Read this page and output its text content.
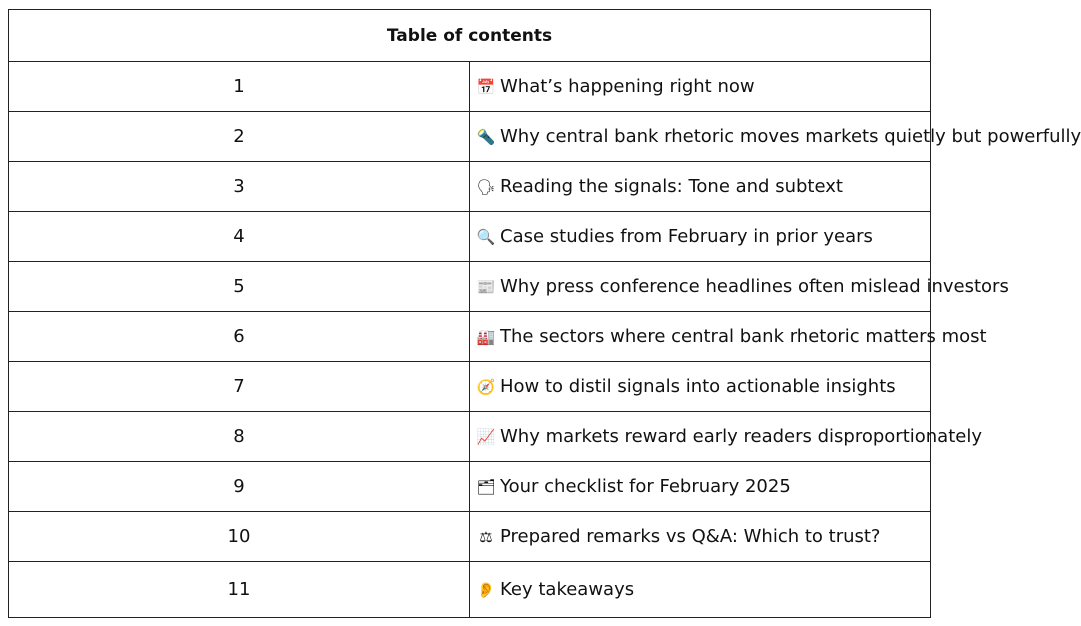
Table of contents	
1	📅 What’s happening right now
2	🔦 Why central bank rhetoric moves markets quietly but powerfully
3	🗣 Reading the signals: Tone and subtext
4	🔍 Case studies from February in prior years
5	📰 Why press conference headlines often mislead investors
6	🏭 The sectors where central bank rhetoric matters most
7	🧭 How to distil signals into actionable insights
8	📈 Why markets reward early readers disproportionately
9	🗂 Your checklist for February 2025
10	⚖ Prepared remarks vs Q&A: Which to trust?
11	👂 Key takeaways
